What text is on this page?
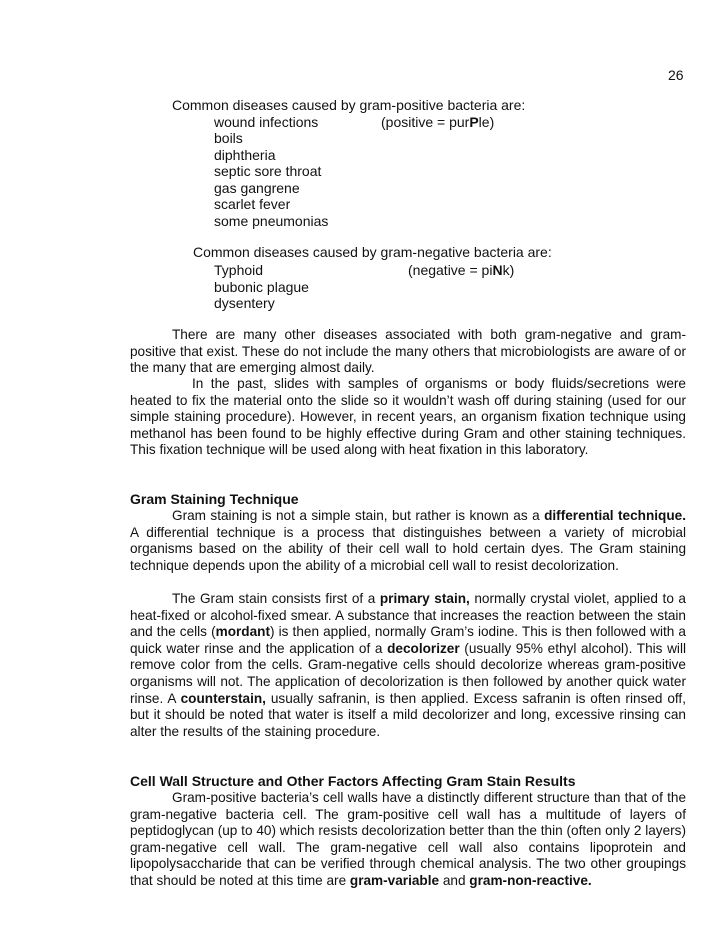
26
Common diseases caused by gram-positive bacteria are:
wound infections	(positive = purPle)
boils
diphtheria
septic sore throat
gas gangrene
scarlet fever
some pneumonias
Common diseases caused by gram-negative bacteria are:
Typhoid	(negative = piNk)
bubonic plague
dysentery
There are many other diseases associated with both gram-negative and gram-positive that exist. These do not include the many others that microbiologists are aware of or the many that are emerging almost daily.
In the past, slides with samples of organisms or body fluids/secretions were heated to fix the material onto the slide so it wouldn’t wash off during staining (used for our simple staining procedure). However, in recent years, an organism fixation technique using methanol has been found to be highly effective during Gram and other staining techniques. This fixation technique will be used along with heat fixation in this laboratory.
Gram Staining Technique
Gram staining is not a simple stain, but rather is known as a differential technique. A differential technique is a process that distinguishes between a variety of microbial organisms based on the ability of their cell wall to hold certain dyes. The Gram staining technique depends upon the ability of a microbial cell wall to resist decolorization.
The Gram stain consists first of a primary stain, normally crystal violet, applied to a heat-fixed or alcohol-fixed smear. A substance that increases the reaction between the stain and the cells (mordant) is then applied, normally Gram’s iodine. This is then followed with a quick water rinse and the application of a decolorizer (usually 95% ethyl alcohol). This will remove color from the cells. Gram-negative cells should decolorize whereas gram-positive organisms will not. The application of decolorization is then followed by another quick water rinse. A counterstain, usually safranin, is then applied. Excess safranin is often rinsed off, but it should be noted that water is itself a mild decolorizer and long, excessive rinsing can alter the results of the staining procedure.
Cell Wall Structure and Other Factors Affecting Gram Stain Results
Gram-positive bacteria’s cell walls have a distinctly different structure than that of the gram-negative bacteria cell. The gram-positive cell wall has a multitude of layers of peptidoglycan (up to 40) which resists decolorization better than the thin (often only 2 layers) gram-negative cell wall. The gram-negative cell wall also contains lipoprotein and lipopolysaccharide that can be verified through chemical analysis. The two other groupings that should be noted at this time are gram-variable and gram-non-reactive.
